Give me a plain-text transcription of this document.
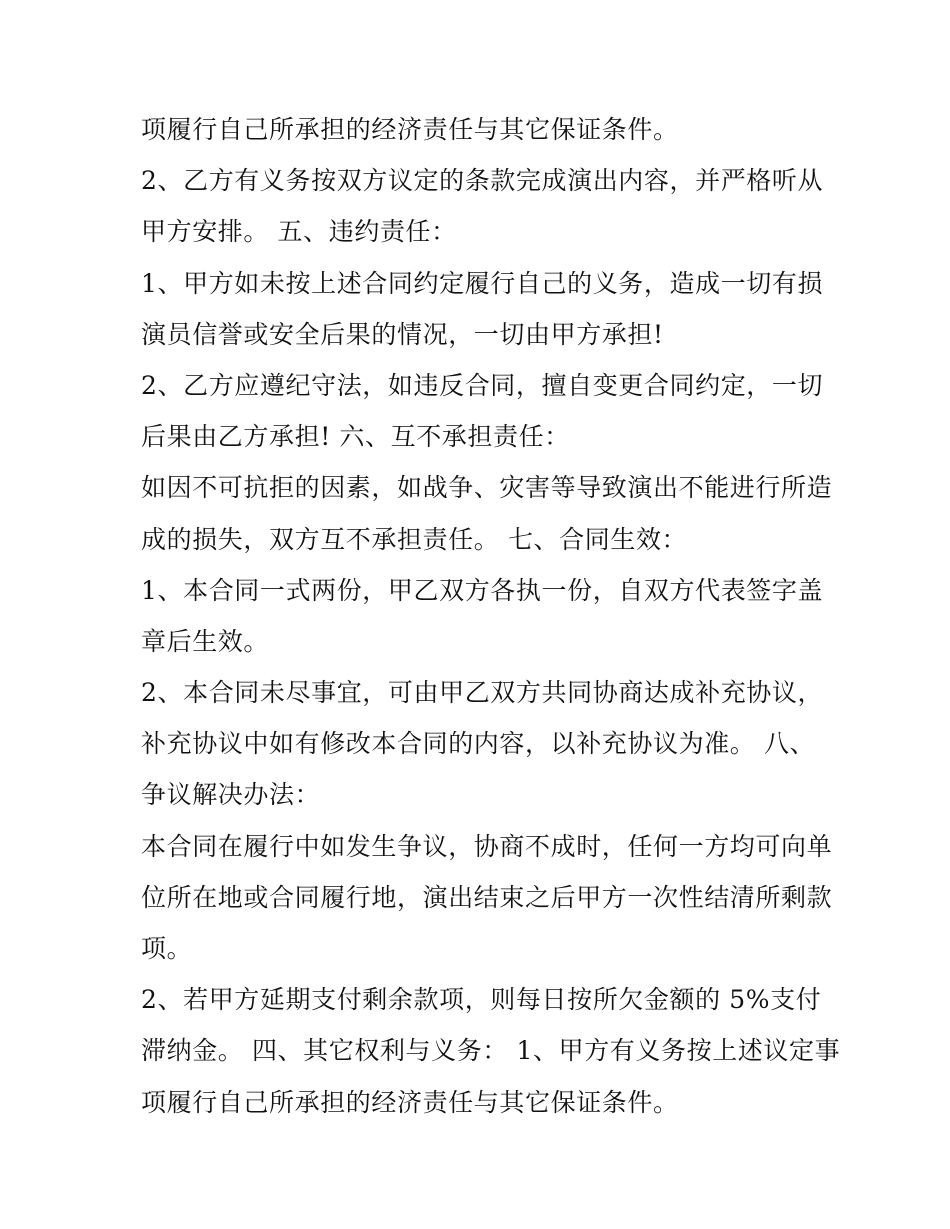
项履行自己所承担的经济责任与其它保证条件。
2、乙方有义务按双方议定的条款完成演出内容，并严格听从
甲方安排。 五、违约责任：
1、甲方如未按上述合同约定履行自己的义务，造成一切有损
演员信誉或安全后果的情况，一切由甲方承担!
2、乙方应遵纪守法，如违反合同，擅自变更合同约定，一切
后果由乙方承担! 六、互不承担责任：
如因不可抗拒的因素，如战争、灾害等导致演出不能进行所造
成的损失，双方互不承担责任。 七、合同生效：
1、本合同一式两份，甲乙双方各执一份，自双方代表签字盖
章后生效。
2、本合同未尽事宜，可由甲乙双方共同协商达成补充协议，
补充协议中如有修改本合同的内容，以补充协议为准。 八、
争议解决办法：
本合同在履行中如发生争议，协商不成时，任何一方均可向单
位所在地或合同履行地，演出结束之后甲方一次性结清所剩款
项。
2、若甲方延期支付剩余款项，则每日按所欠金额的 5%支付
滞纳金。 四、其它权利与义务： 1、甲方有义务按上述议定事
项履行自己所承担的经济责任与其它保证条件。
